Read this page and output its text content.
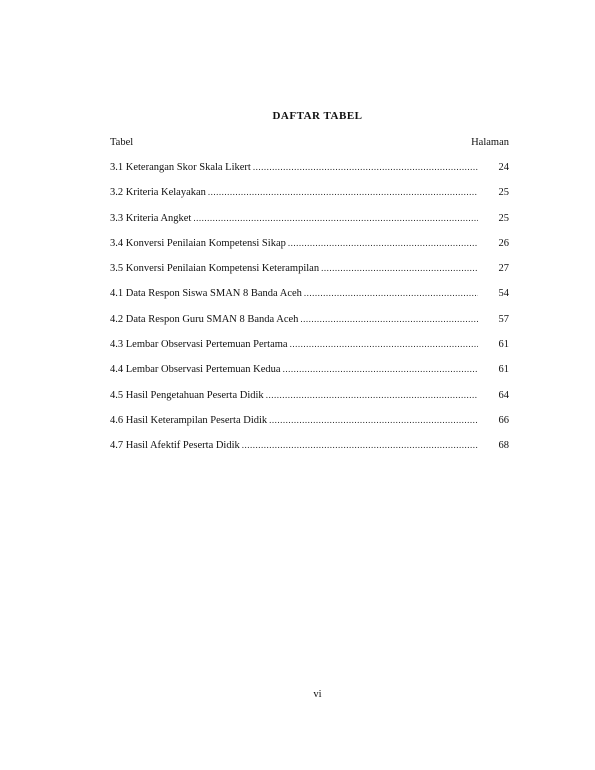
DAFTAR TABEL
Tabel	Halaman
3.1 Keterangan Skor Skala Likert .....	24
3.2 Kriteria Kelayakan .....	25
3.3 Kriteria Angket .....	25
3.4 Konversi Penilaian Kompetensi Sikap .....	26
3.5 Konversi Penilaian Kompetensi Keterampilan .....	27
4.1 Data Respon Siswa SMAN 8 Banda Aceh .....	54
4.2 Data Respon Guru SMAN 8 Banda Aceh .....	57
4.3 Lembar Observasi Pertemuan Pertama .....	61
4.4 Lembar Observasi Pertemuan Kedua .....	61
4.5 Hasil Pengetahuan Peserta Didik .....	64
4.6 Hasil Keterampilan Peserta Didik .....	66
4.7 Hasil Afektif Peserta Didik .....	68
vi
